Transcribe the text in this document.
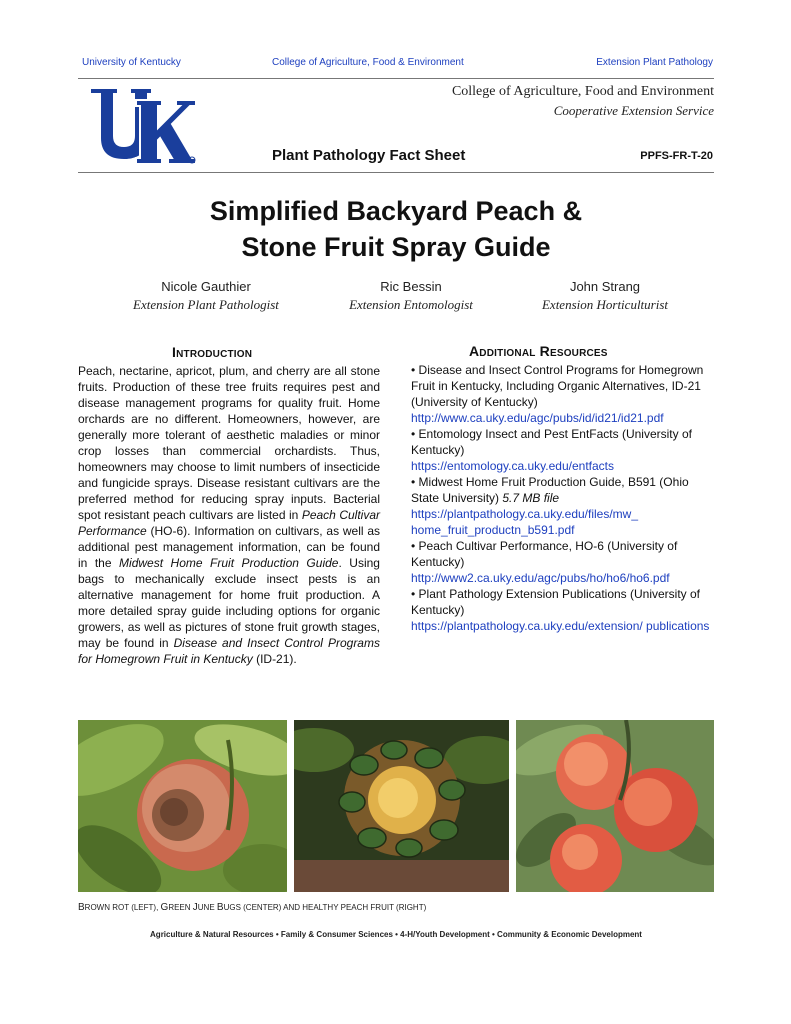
University of Kentucky	College of Agriculture, Food & Environment	Extension Plant Pathology
College of Agriculture, Food and Environment
Cooperative Extension Service
Plant Pathology Fact Sheet	PPFS-FR-T-20
Simplified Backyard Peach &
Stone Fruit Spray Guide
Nicole Gauthier
Extension Plant Pathologist
Ric Bessin
Extension Entomologist
John Strang
Extension Horticulturist
Introduction	Additional Resources
Peach, nectarine, apricot, plum, and cherry are all stone fruits. Production of these tree fruits requires pest and disease management programs for quality fruit. Home orchards are no different. Homeowners, however, are generally more tolerant of aesthetic maladies or minor crop losses than commercial orchardists. Thus, homeowners may choose to limit numbers of insecticide and fungicide sprays. Disease resistant cultivars are the preferred method for reducing spray inputs. Bacterial spot resistant peach cultivars are listed in Peach Cultivar Performance (HO-6). Information on cultivars, as well as additional pest management information, can be found in the Midwest Home Fruit Production Guide. Using bags to mechanically exclude insect pests is an alternative management for home fruit production. A more detailed spray guide including options for organic growers, as well as pictures of stone fruit growth stages, may be found in Disease and Insect Control Programs for Homegrown Fruit in Kentucky (ID-21).
• Disease and Insect Control Programs for Homegrown Fruit in Kentucky, Including Organic Alternatives, ID-21 (University of Kentucky)
http://www.ca.uky.edu/agc/pubs/id/id21/id21.pdf
• Entomology Insect and Pest EntFacts (University of Kentucky)
https://entomology.ca.uky.edu/entfacts
• Midwest Home Fruit Production Guide, B591 (Ohio State University) 5.7 MB file
https://plantpathology.ca.uky.edu/files/mw_ home_fruit_productn_b591.pdf
• Peach Cultivar Performance, HO-6 (University of Kentucky)
http://www2.ca.uky.edu/agc/pubs/ho/ho6/ho6.pdf
• Plant Pathology Extension Publications (University of Kentucky)
https://plantpathology.ca.uky.edu/extension/ publications
BROWN ROT (LEFT), GREEN JUNE BUGS (CENTER) AND HEALTHY PEACH FRUIT (RIGHT)
Agriculture & Natural Resources • Family & Consumer Sciences • 4-H/Youth Development • Community & Economic Development
